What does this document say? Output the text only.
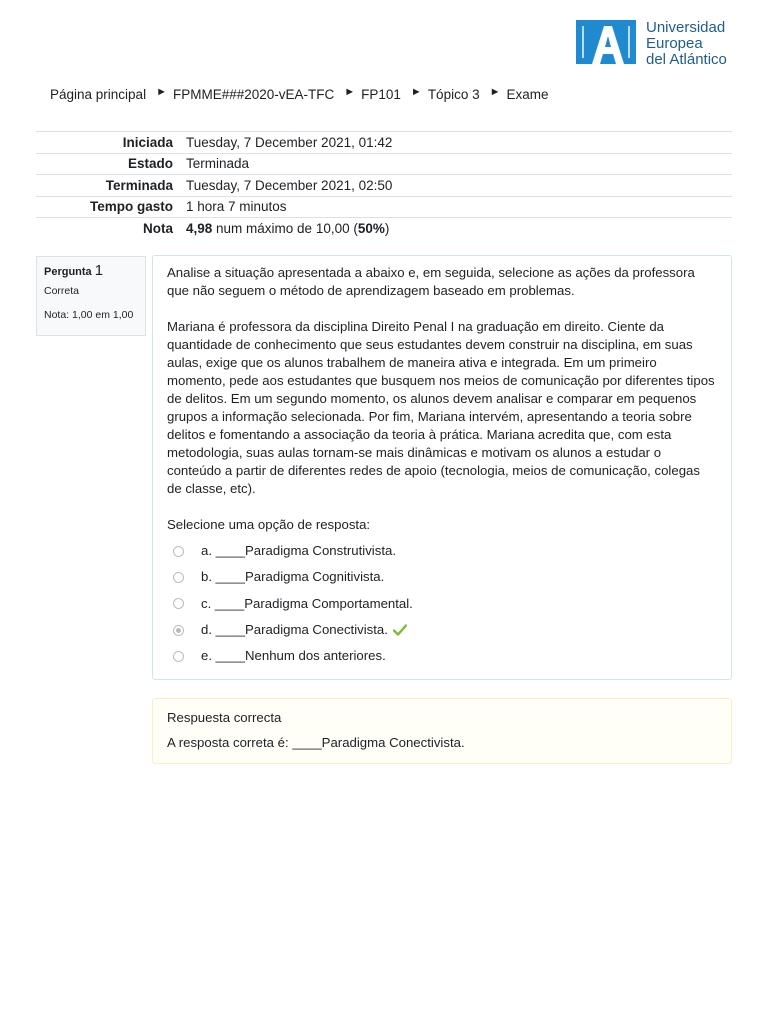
Universidad
Europea
del Atlántico
Página principal ► FPMME###2020-vEA-TFC ► FP101 ► Tópico 3 ► Exame
Iniciada Tuesday, 7 December 2021, 01:42
Estado Terminada
Terminada Tuesday, 7 December 2021, 02:50
Tempo gasto 1 hora 7 minutos
Nota 4,98 num máximo de 10,00 (50%)
Pergunta 1
Correta
Nota: 1,00 em 1,00

Analise a situação apresentada a abaixo e, em seguida, selecione as ações da professora que não seguem o método de aprendizagem baseado em problemas.

Mariana é professora da disciplina Direito Penal I na graduação em direito. Ciente da quantidade de conhecimento que seus estudantes devem construir na disciplina, em suas aulas, exige que os alunos trabalhem de maneira ativa e integrada. Em um primeiro momento, pede aos estudantes que busquem nos meios de comunicação por diferentes tipos de delitos. Em um segundo momento, os alunos devem analisar e comparar em pequenos grupos a informação selecionada. Por fim, Mariana intervém, apresentando a teoria sobre delitos e fomentando a associação da teoria à prática. Mariana acredita que, com esta metodologia, suas aulas tornam-se mais dinâmicas e motivam os alunos a estudar o conteúdo a partir de diferentes redes de apoio (tecnologia, meios de comunicação, colegas de classe, etc).

Selecione uma opção de resposta:
a. ____Paradigma Construtivista.
b. ____Paradigma Cognitivista.
c. ____Paradigma Comportamental.
d. ____Paradigma Conectivista.
e. ____Nenhum dos anteriores.
Respuesta correcta
A resposta correta é: ____Paradigma Conectivista.
